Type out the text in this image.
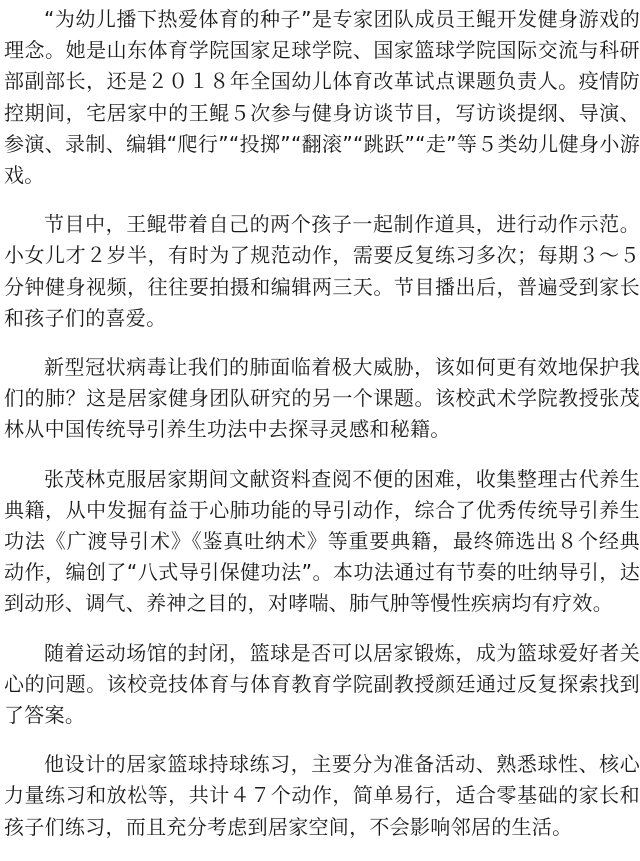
“为幼儿播下热爱体育的种子”是专家团队成员王鲲开发健身游戏的理念。她是山东体育学院国家足球学院、国家篮球学院国际交流与科研部副部长，还是２０１８年全国幼儿体育改革试点课题负责人。疫情防控期间，宅居家中的王鲲５次参与健身访谈节目，写访谈提纲、导演、参演、录制、编辑“爬行”“投掷”“翻滚”“跳跃”“走”等５类幼儿健身小游戏。

节目中，王鲲带着自己的两个孩子一起制作道具，进行动作示范。小女儿才２岁半，有时为了规范动作，需要反复练习多次；每期３～５分钟健身视频，往往要拍摄和编辑两三天。节目播出后，普遍受到家长和孩子们的喜爱。

新型冠状病毒让我们的肺面临着极大威胁，该如何更有效地保护我们的肺？这是居家健身团队研究的另一个课题。该校武术学院教授张茂林从中国传统导引养生功法中去探寻灵感和秘籍。

张茂林克服居家期间文献资料查阅不便的困难，收集整理古代养生典籍，从中发掘有益于心肺功能的导引动作，综合了优秀传统导引养生功法《广渡导引术》《鉴真吐纳术》等重要典籍，最终筛选出８个经典动作，编创了“八式导引保健功法”。本功法通过有节奏的吐纳导引，达到动形、调气、养神之目的，对哮喘、肺气肿等慢性疾病均有疗效。

随着运动场馆的封闭，篮球是否可以居家锻炼，成为篮球爱好者关心的问题。该校竞技体育与体育教育学院副教授颜廷通过反复探索找到了答案。

他设计的居家篮球持球练习，主要分为准备活动、熟悉球性、核心力量练习和放松等，共计４７个动作，简单易行，适合零基础的家长和孩子们练习，而且充分考虑到居家空间，不会影响邻居的生活。
